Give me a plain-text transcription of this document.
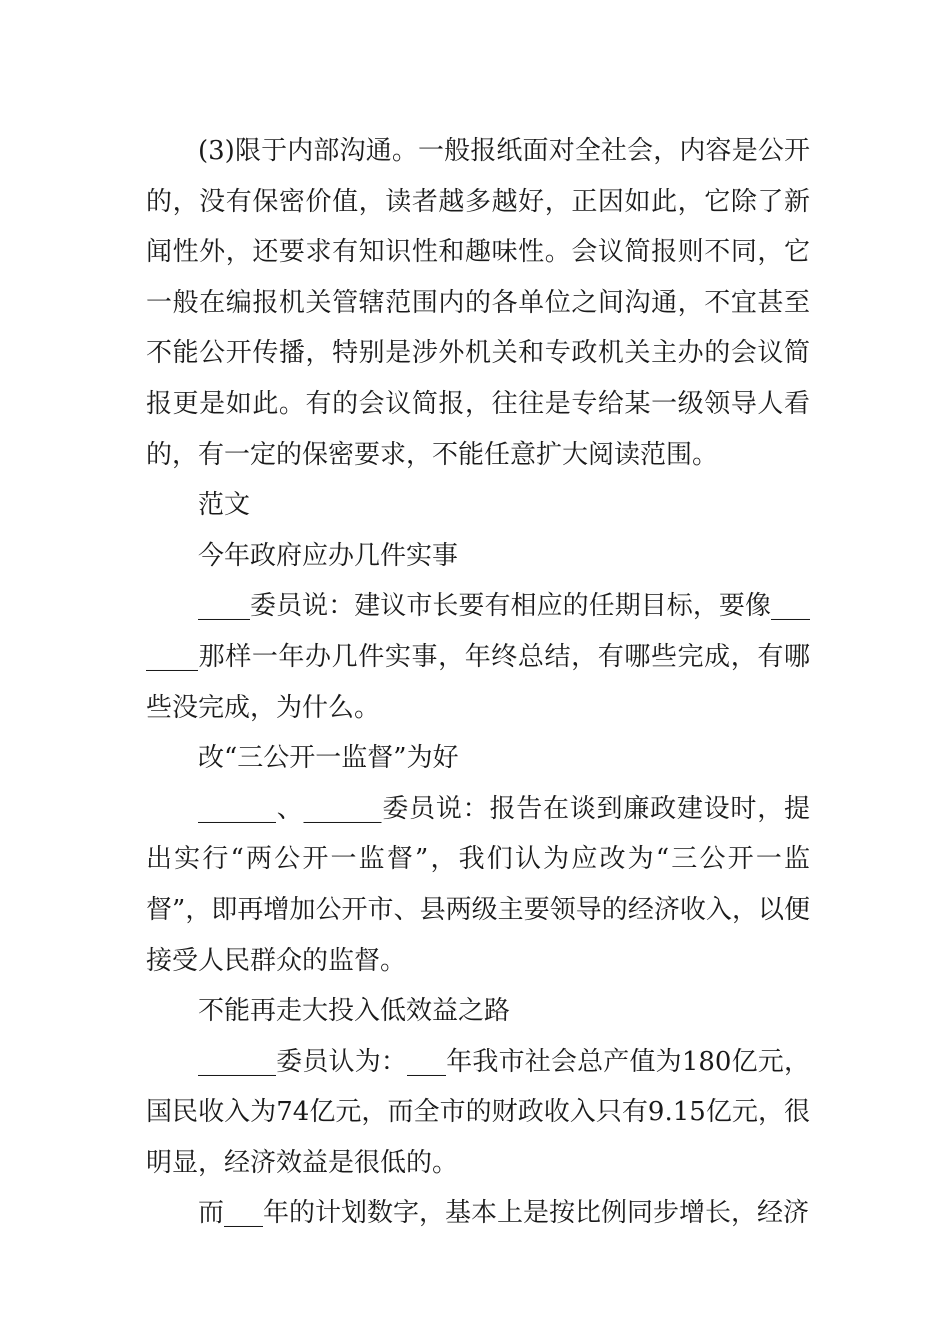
(3)限于内部沟通。一般报纸面对全社会，内容是公开的，没有保密价值，读者越多越好，正因如此，它除了新闻性外，还要求有知识性和趣味性。会议简报则不同，它一般在编报机关管辖范围内的各单位之间沟通，不宜甚至不能公开传播，特别是涉外机关和专政机关主办的会议简报更是如此。有的会议简报，往往是专给某一级领导人看的，有一定的保密要求，不能任意扩大阅读范围。

范文

今年政府应办几件实事

____委员说：建议市长要有相应的任期目标，要像_______那样一年办几件实事，年终总结，有哪些完成，有哪些没完成，为什么。

改“三公开一监督”为好

______、______委员说：报告在谈到廉政建设时，提出实行“两公开一监督”，我们认为应改为“三公开一监督”，即再增加公开市、县两级主要领导的经济收入，以便接受人民群众的监督。

不能再走大投入低效益之路

______委员认为：___年我市社会总产值为180亿元，国民收入为74亿元，而全市的财政收入只有9.15亿元，很明显，经济效益是很低的。

而___年的计划数字，基本上是按比例同步增长，经济
